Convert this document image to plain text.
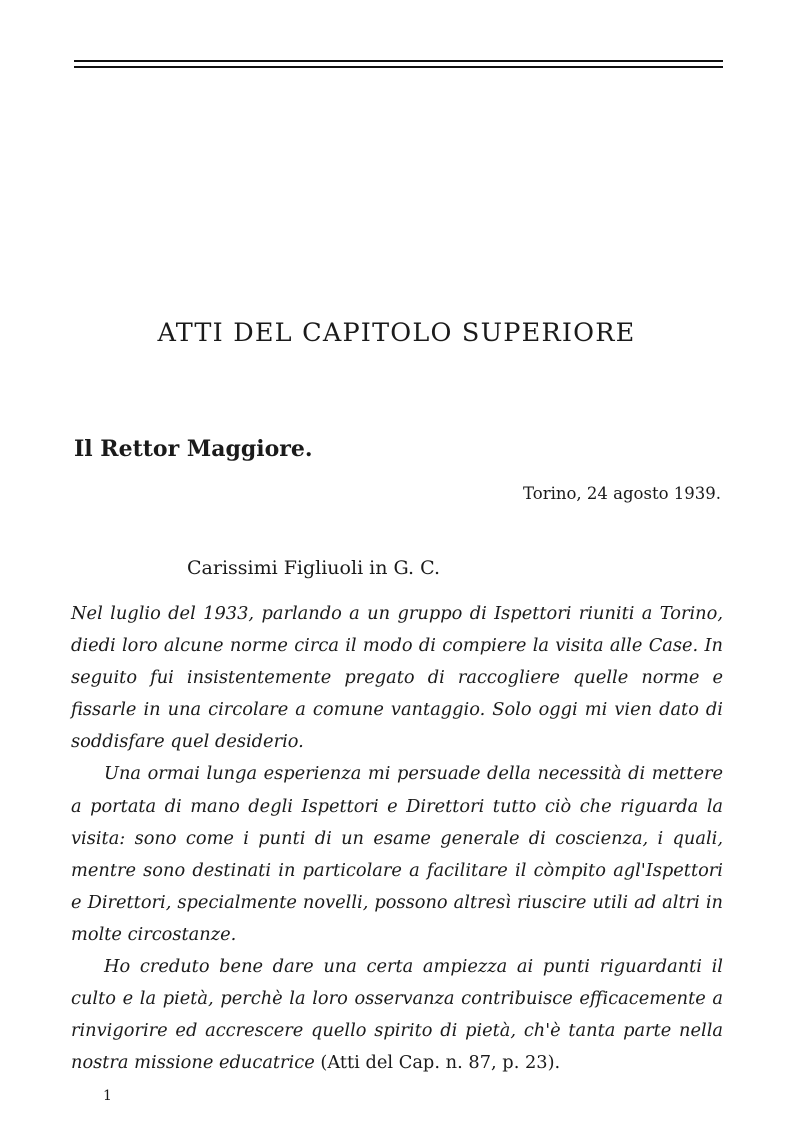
ATTI DEL CAPITOLO SUPERIORE
Il Rettor Maggiore.
Torino, 24 agosto 1939.
Carissimi Figliuoli in G. C.

Nel luglio del 1933, parlando a un gruppo di Ispettori riuniti a Torino, diedi loro alcune norme circa il modo di compiere la visita alle Case. In seguito fui insistentemente pregato di raccogliere quelle norme e fissarle in una circolare a comune vantaggio. Solo oggi mi vien dato di soddisfare quel desiderio.

Una ormai lunga esperienza mi persuade della necessità di mettere a portata di mano degli Ispettori e Direttori tutto ciò che riguarda la visita: sono come i punti di un esame generale di coscienza, i quali, mentre sono destinati in particolare a facilitare il còmpito agl'Ispettori e Direttori, specialmente novelli, possono altresì riuscire utili ad altri in molte circostanze.

Ho creduto bene dare una certa ampiezza ai punti riguardanti il culto e la pietà, perchè la loro osservanza contribuisce efficacemente a rinvigorire ed accrescere quello spirito di pietà, ch'è tanta parte nella nostra missione educatrice (Atti del Cap. n. 87, p. 23).

1
